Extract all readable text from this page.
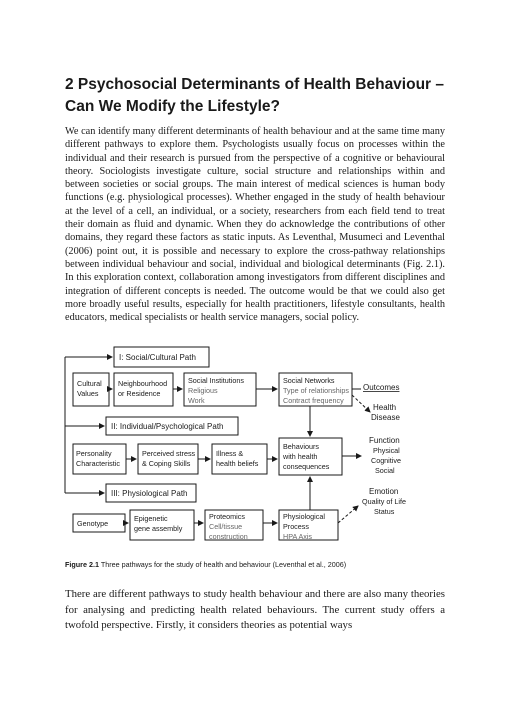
2 Psychosocial Determinants of Health Behaviour –
Can We Modify the Lifestyle?
We can identify many different determinants of health behaviour and at the same time many different pathways to explore them. Psychologists usually focus on processes within the individual and their research is pursued from the perspective of a cognitive or behavioural theory. Sociologists investigate culture, social structure and relationships within and between societies or social groups. The main interest of medical sciences is human body functions (e.g. physiological processes). Whether engaged in the study of health behaviour at the level of a cell, an individual, or a society, researchers from each field tend to treat their domain as fluid and dynamic. When they do acknowledge the contributions of other domains, they regard these factors as static inputs. As Leventhal, Musumeci and Leventhal (2006) point out, it is possible and necessary to explore the cross-pathway relationships between individual behaviour and social, individual and biological determinants (Fig. 2.1). In this exploration context, collaboration among investigators from different disciplines and integration of different concepts is needed. The outcome would be that we could also get more broadly useful results, especially for health practitioners, lifestyle consultants, health educators, medical specialists or health service managers, social policy.
I: Social/Cultural Path
II: Individual/Psychological Path
III: Physiological Path
Cultural
Values
Neighbourhood
or Residence
Social Institutions
Religious
Work
Social Networks
Type of relationships
Contract frequency
Personality
Characteristic
Perceived stress
& Coping Skills
Illness &
health beliefs
Behaviours
with health
consequences
Genotype
Epigenetic
gene assembly
Proteomics
Cell/tissue
construction
Physiological
Process
HPA Axis
Outcomes
Health
Disease
Function
Physical
Cognitive
Social
Emotion
Quality of Life
Status
Figure 2.1 Three pathways for the study of health and behaviour (Leventhal et al., 2006)
There are different pathways to study health behaviour and there are also many theories for analysing and predicting health related behaviours. The current study offers a twofold perspective. Firstly, it considers theories as potential ways
